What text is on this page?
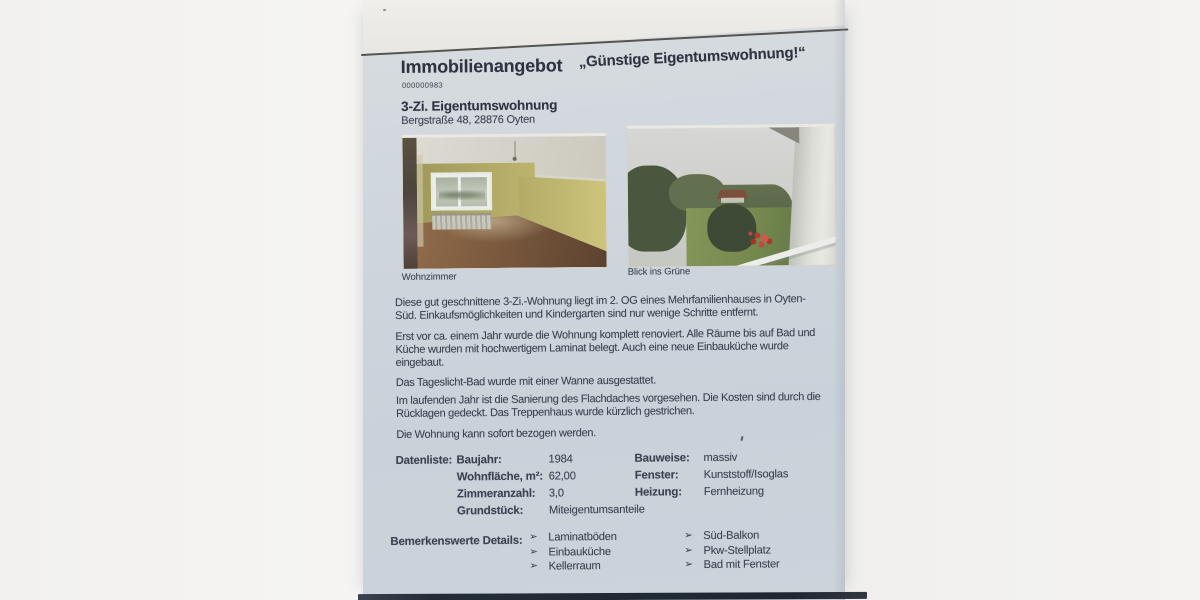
Immobilienangebot
000000983
„Günstige Eigentumswohnung!“
3-Zi. Eigentumswohnung
Bergstraße 48, 28876 Oyten
Wohnzimmer	Blick ins Grüne
Diese gut geschnittene 3-Zi.-Wohnung liegt im 2. OG eines Mehrfamilienhauses in Oyten-
Süd. Einkaufsmöglichkeiten und Kindergarten sind nur wenige Schritte entfernt.
Erst vor ca. einem Jahr wurde die Wohnung komplett renoviert. Alle Räume bis auf Bad und
Küche wurden mit hochwertigem Laminat belegt. Auch eine neue Einbauküche wurde
eingebaut.
Das Tageslicht-Bad wurde mit einer Wanne ausgestattet.
Im laufenden Jahr ist die Sanierung des Flachdaches vorgesehen. Die Kosten sind durch die
Rücklagen gedeckt. Das Treppenhaus wurde kürzlich gestrichen.
Die Wohnung kann sofort bezogen werden.
Datenliste: Baujahr:	1984
Wohnfläche, m²: 62,00
Zimmeranzahl: 3,0
Grundstück: Miteigentumsanteile
Bauweise: massiv
Fenster: Kunststoff/Isoglas
Heizung: Fernheizung
Bemerkenswerte Details: ➢ Laminatböden
➢ Einbauküche
➢ Kellerraum
➢ Süd-Balkon
➢ Pkw-Stellplatz
➢ Bad mit Fenster
